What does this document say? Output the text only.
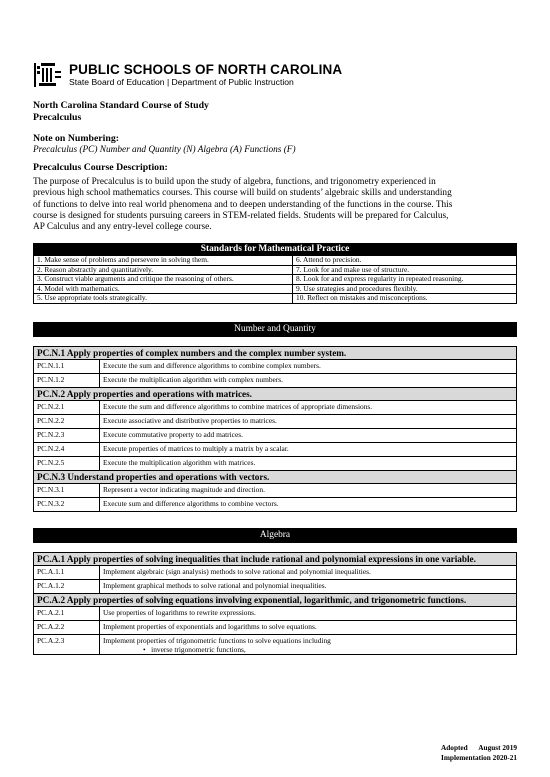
PUBLIC SCHOOLS OF NORTH CAROLINA
State Board of Education | Department of Public Instruction
North Carolina Standard Course of Study
Precalculus
Note on Numbering:
Precalculus (PC) Number and Quantity (N) Algebra (A) Functions (F)
Precalculus Course Description:

The purpose of Precalculus is to build upon the study of algebra, functions, and trigonometry experienced in

previous high school mathematics courses. This course will build on students’ algebraic skills and understanding

of functions to delve into real world phenomena and to deepen understanding of the functions in the course. This

course is designed for students pursuing careers in STEM-related fields. Students will be prepared for Calculus,

AP Calculus and any entry-level college course.

Standards for Mathematical Practice	
1. Make sense of problems and persevere in solving them.	6. Attend to precision.
2. Reason abstractly and quantitatively.	7. Look for and make use of structure.
3. Construct viable arguments and critique the reasoning of others.	8. Look for and express regularity in repeated reasoning.
4. Model with mathematics.	9. Use strategies and procedures flexibly.
5. Use appropriate tools strategically.	10. Reflect on mistakes and misconceptions.
Number and Quantity
PC.N.1 Apply properties of complex numbers and the complex number system.	
PC.N.1.1	Execute the sum and difference algorithms to combine complex numbers.
PC.N.1.2	Execute the multiplication algorithm with complex numbers.
PC.N.2 Apply properties and operations with matrices.	
PC.N.2.1	Execute the sum and difference algorithms to combine matrices of appropriate dimensions.
PC.N.2.2	Execute associative and distributive properties to matrices.
PC.N.2.3	Execute commutative property to add matrices.
PC.N.2.4	Execute properties of matrices to multiply a matrix by a scalar.
PC.N.2.5	Execute the multiplication algorithm with matrices.
PC.N.3 Understand properties and operations with vectors.	
PC.N.3.1	Represent a vector indicating magnitude and direction.
PC.N.3.2	Execute sum and difference algorithms to combine vectors.
Algebra
PC.A.1 Apply properties of solving inequalities that include rational and polynomial expressions in one variable.	
PC.A.1.1	Implement algebraic (sign analysis) methods to solve rational and polynomial inequalities.
PC.A.1.2	Implement graphical methods to solve rational and polynomial inequalities.
PC.A.2 Apply properties of solving equations involving exponential, logarithmic, and trigonometric functions.	
PC.A.2.1	Use properties of logarithms to rewrite expressions.
PC.A.2.2	Implement properties of exponentials and logarithms to solve equations.
PC.A.2.3	Implement properties of trigonometric functions to solve equations including
•   inverse trigonometric functions,
Adopted      August 2019
Implementation 2020-21
